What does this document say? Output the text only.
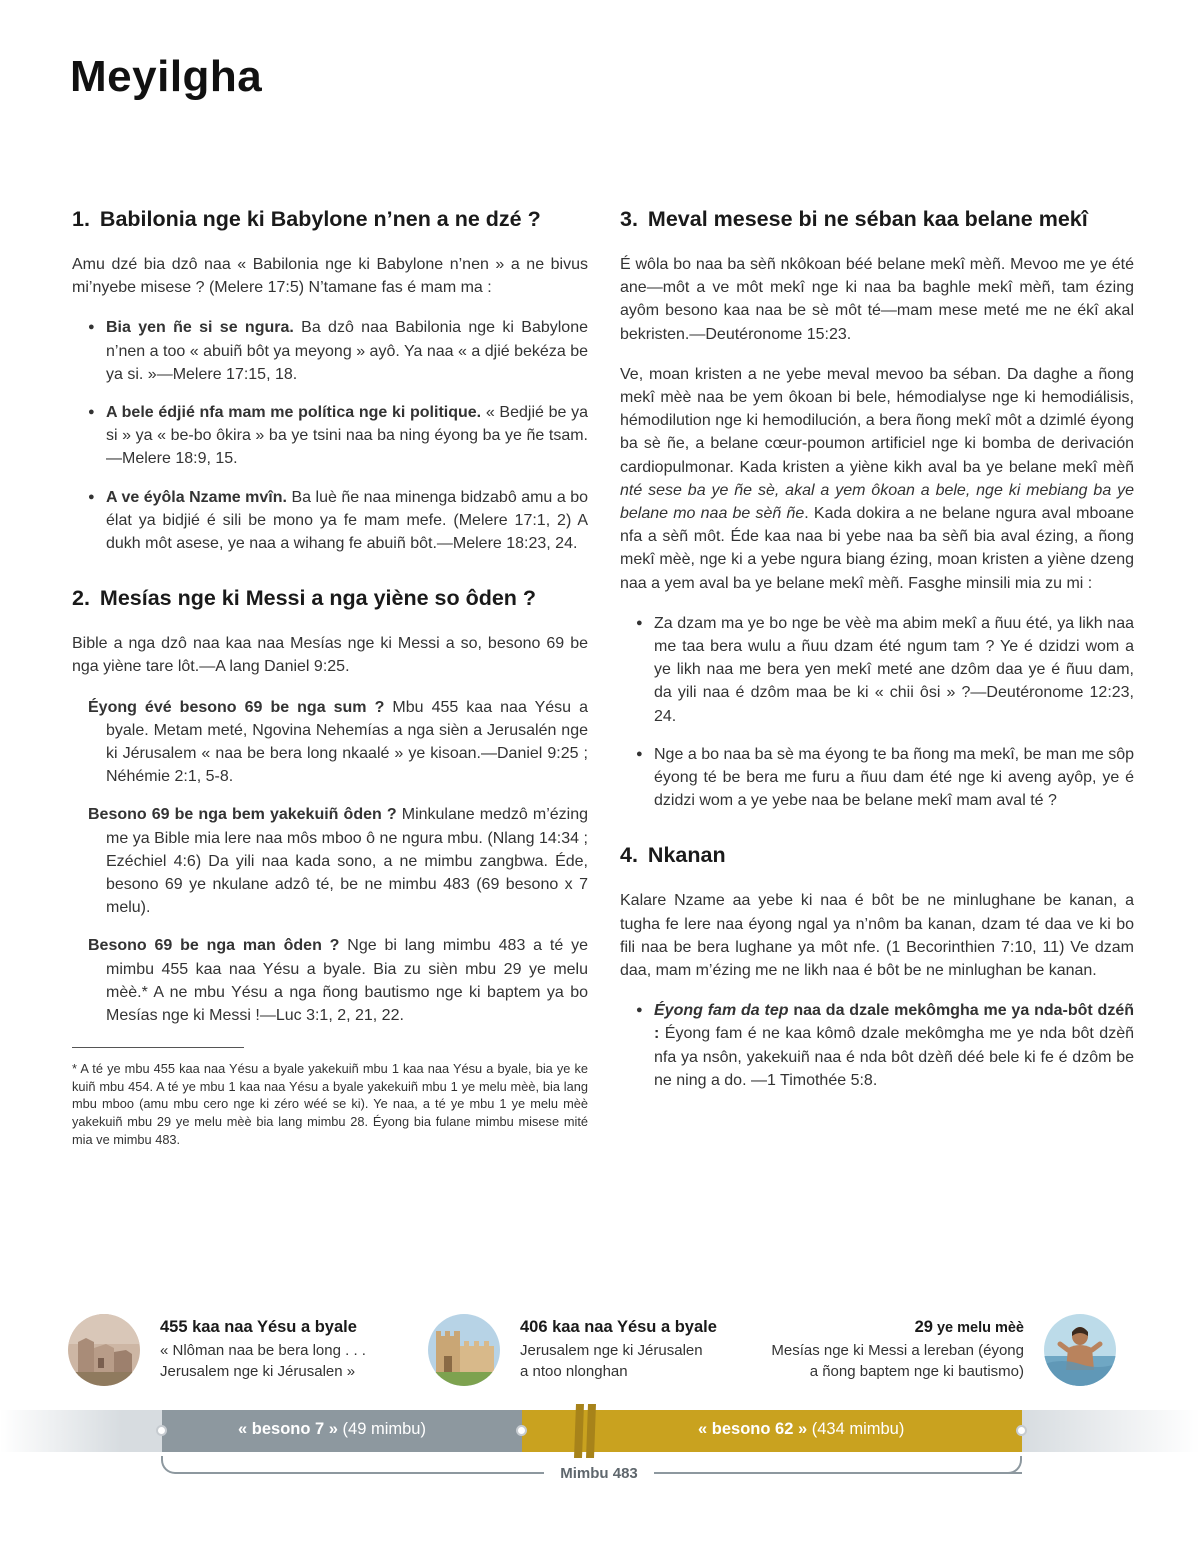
Meyilgha
1. Babilonia nge ki Babylone n’nen a ne dzé ?

Amu dzé bia dzô naa « Babilonia nge ki Babylone n’nen » a ne bivus mi’nyebe misese ? (Melere 17:5) N’tamane fas é mam ma :

● Bia yen ñe si se ngura. Ba dzô naa Babilonia nge ki Babylone n’nen a too « abuiñ bôt ya meyong » ayô. Ya naa « a djié bekéza be ya si. »—Melere 17:15, 18.
● A bele édjié nfa mam me política nge ki politique. « Bedjié be ya si » ya « be-bo ôkira » ba ye tsini naa ba ning éyong ba ye ñe tsam.—Melere 18:9, 15.
● A ve éyôla Nzame mvîn. Ba luè ñe naa minenga bidzabô amu a bo élat ya bidjié é sili be mono ya fe mam mefe. (Melere 17:1, 2) A dukh môt asese, ye naa a wihang fe abuiñ bôt.—Melere 18:23, 24.
2. Mesías nge ki Messi a nga yiène so ôden ?

Bible a nga dzô naa kaa naa Mesías nge ki Messi a so, besono 69 be nga yiène tare lôt.—A lang Daniel 9:25.

Éyong évé besono 69 be nga sum ? Mbu 455 kaa naa Yésu a byale. Metam meté, Ngovina Nehemías a nga sièn a Jerusalén nge ki Jérusalem « naa be bera long nkaalé » ye kisoan.—Daniel 9:25 ; Néhémie 2:1, 5-8.
Besono 69 be nga bem yakekuiñ ôden ? Minkulane medzô m’ézing me ya Bible mia lere naa môs mboo ô ne ngura mbu. (Nlang 14:34 ; Ezéchiel 4:6) Da yili naa kada sono, a ne mimbu zangbwa. Éde, besono 69 ye nkulane adzô té, be ne mimbu 483 (69 besono x 7 melu).
Besono 69 be nga man ôden ? Nge bi lang mimbu 483 a té ye mimbu 455 kaa naa Yésu a byale. Bia zu sièn mbu 29 ye melu mèè.* A ne mbu Yésu a nga ñong bautismo nge ki baptem ya bo Mesías nge ki Messi !—Luc 3:1, 2, 21, 22.

* A té ye mbu 455 kaa naa Yésu a byale yakekuiñ mbu 1 kaa naa Yésu a byale, bia ye ke kuiñ mbu 454. A té ye mbu 1 kaa naa Yésu a byale yakekuiñ mbu 1 ye melu mèè, bia lang mbu mboo (amu mbu cero nge ki zéro wéé se ki). Ye naa, a té ye mbu 1 ye melu mèè yakekuiñ mbu 29 ye melu mèè bia lang mimbu 28. Éyong bia fulane mimbu misese mité mia ve mimbu 483.

3. Meval mesese bi ne séban kaa belane mekî

É wôla bo naa ba sèñ nkôkoan béé belane mekî mèñ. Mevoo me ye été ane—môt a ve môt mekî nge ki naa ba baghle mekî mèñ, tam ézing ayôm besono kaa naa be sè môt té—mam mese meté me ne ékî akal bekristen.—Deutéronome 15:23.

Ve, moan kristen a ne yebe meval mevoo ba séban. Da daghe a ñong mekî mèè naa be yem ôkoan bi bele, hémodialyse nge ki hemodiálisis, hémodilution nge ki hemodilución, a bera ñong mekî môt a dzimlé éyong ba sè ñe, a belane cœur-poumon artificiel nge ki bomba de derivación cardiopulmonar. Kada kristen a yiène kikh aval ba ye belane mekî mèñ nté sese ba ye ñe sè, akal a yem ôkoan a bele, nge ki mebiang ba ye belane mo naa be sèñ ñe. Kada dokira a ne belane ngura aval mboane nfa a sèñ môt. Éde kaa naa bi yebe naa ba sèñ bia aval ézing, a ñong mekî mèè, nge ki a yebe ngura biang ézing, moan kristen a yiène dzeng naa a yem aval ba ye belane mekî mèñ. Fasghe minsili mia zu mi :

● Za dzam ma ye bo nge be vèè ma abim mekî a ñuu été, ya likh naa me taa bera wulu a ñuu dzam été ngum tam ? Ye é dzidzi wom a ye likh naa me bera yen mekî meté ane dzôm daa ye é ñuu dam, da yili naa é dzôm maa be ki « chii ôsi » ?—Deutéronome 12:23, 24.
● Nge a bo naa ba sè ma éyong te ba ñong ma mekî, be man me sôp éyong té be bera me furu a ñuu dam été nge ki aveng ayôp, ye é dzidzi wom a ye yebe naa be belane mekî mam aval té ?
4. Nkanan

Kalare Nzame aa yebe ki naa é bôt be ne minlughane be kanan, a tugha fe lere naa éyong ngal ya n’nôm ba kanan, dzam té daa ve ki bo fili naa be bera lughane ya môt nfe. (1 Becorinthien 7:10, 11) Ve dzam daa, mam m’ézing me ne likh naa é bôt be ne minlughan be kanan.

● Éyong fam da tep naa da dzale mekômgha me ya nda-bôt dzéñ : Éyong fam é ne kaa kômô dzale mekômgha me ye nda bôt dzèñ nfa ya nsôn, yakekuiñ naa é nda bôt dzèñ déé bele ki fe é dzôm be ne ning a do. —1 Timothée 5:8.
455 kaa naa Yésu a byale
« Nlôman naa be bera long . . .
Jerusalem nge ki Jérusalen »
406 kaa naa Yésu a byale
Jerusalem nge ki Jérusalen
a ntoo nlonghan
29 ye melu mèè
Mesías nge ki Messi a lereban (éyong
a ñong baptem nge ki bautismo)
« besono 7 » (49 mimbu)	« besono 62 » (434 mimbu)
Mimbu 483
